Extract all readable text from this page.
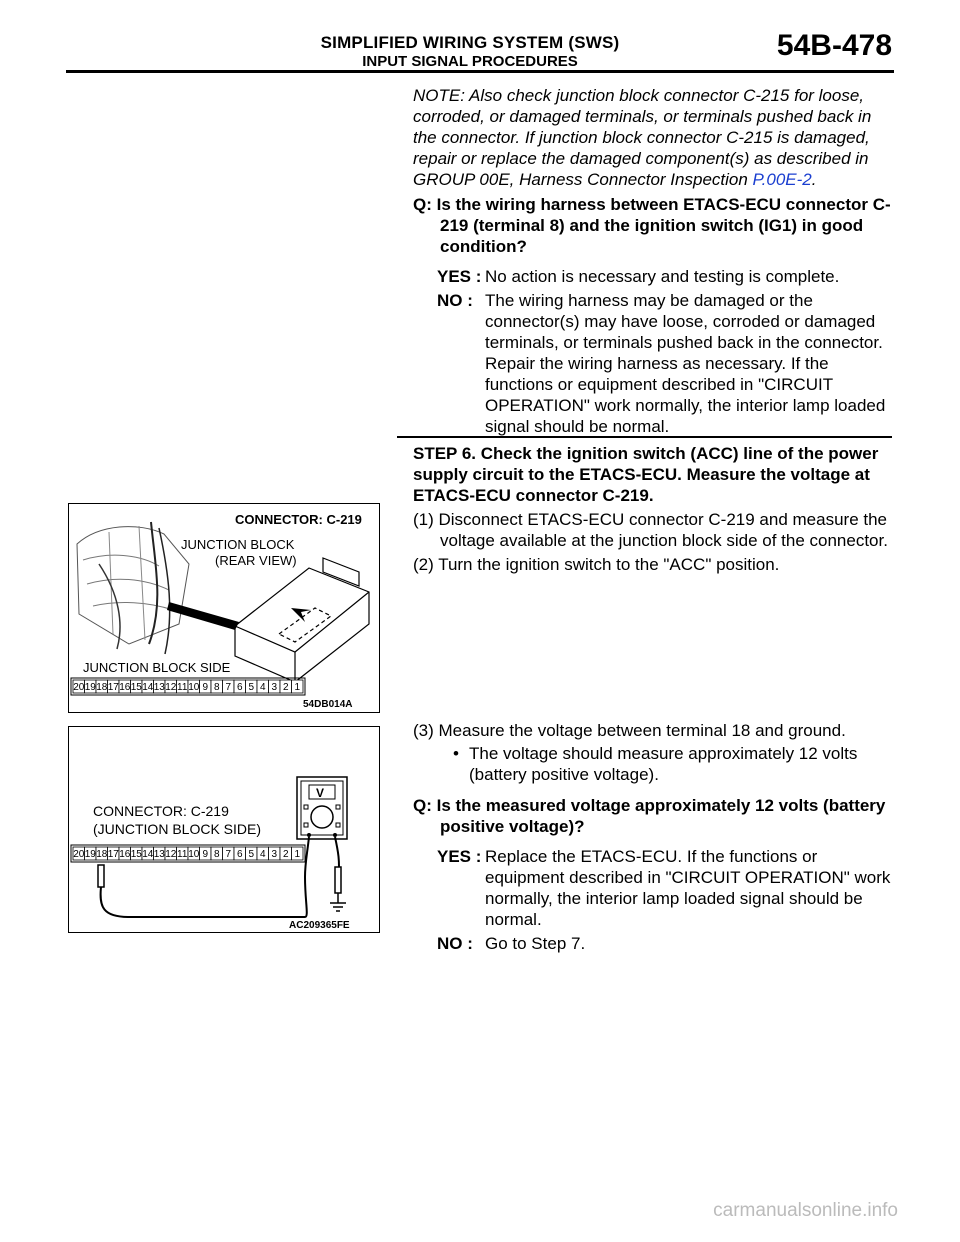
SIMPLIFIED WIRING SYSTEM (SWS)
INPUT SIGNAL PROCEDURES	54B-478
NOTE: Also check junction block connector C-215 for loose, corroded, or damaged terminals, or terminals pushed back in the connector. If junction block connector C-215 is damaged, repair or replace the damaged component(s) as described in GROUP 00E, Harness Connector Inspection P.00E-2.
Q: Is the wiring harness between ETACS-ECU connector C-219 (terminal 8) and the ignition switch (IG1) in good condition?
YES : No action is necessary and testing is complete.
NO : The wiring harness may be damaged or the connector(s) may have loose, corroded or damaged terminals, or terminals pushed back in the connector. Repair the wiring harness as necessary. If the functions or equipment described in "CIRCUIT OPERATION" work normally, the interior lamp loaded signal should be normal.
STEP 6. Check the ignition switch (ACC) line of the power supply circuit to the ETACS-ECU. Measure the voltage at ETACS-ECU connector C-219.
(1) Disconnect ETACS-ECU connector C-219 and measure the voltage available at the junction block side of the connector.
(2) Turn the ignition switch to the "ACC" position.
(3) Measure the voltage between terminal 18 and ground.
• The voltage should measure approximately 12 volts (battery positive voltage).
Q: Is the measured voltage approximately 12 volts (battery positive voltage)?
YES : Replace the ETACS-ECU. If the functions or equipment described in "CIRCUIT OPERATION" work normally, the interior lamp loaded signal should be normal.
NO : Go to Step 7.
CONNECTOR: C-219
JUNCTION BLOCK
(REAR VIEW)
JUNCTION BLOCK SIDE
20 19 18 17 16 15 14 13 12 11 10 9 8 7 6 5 4 3 2 1
54DB014A
CONNECTOR: C-219
(JUNCTION BLOCK SIDE)
V
20 19 18 17 16 15 14 13 12 11 10 9 8 7 6 5 4 3 2 1
AC209365FE
carmanualsonline.info
